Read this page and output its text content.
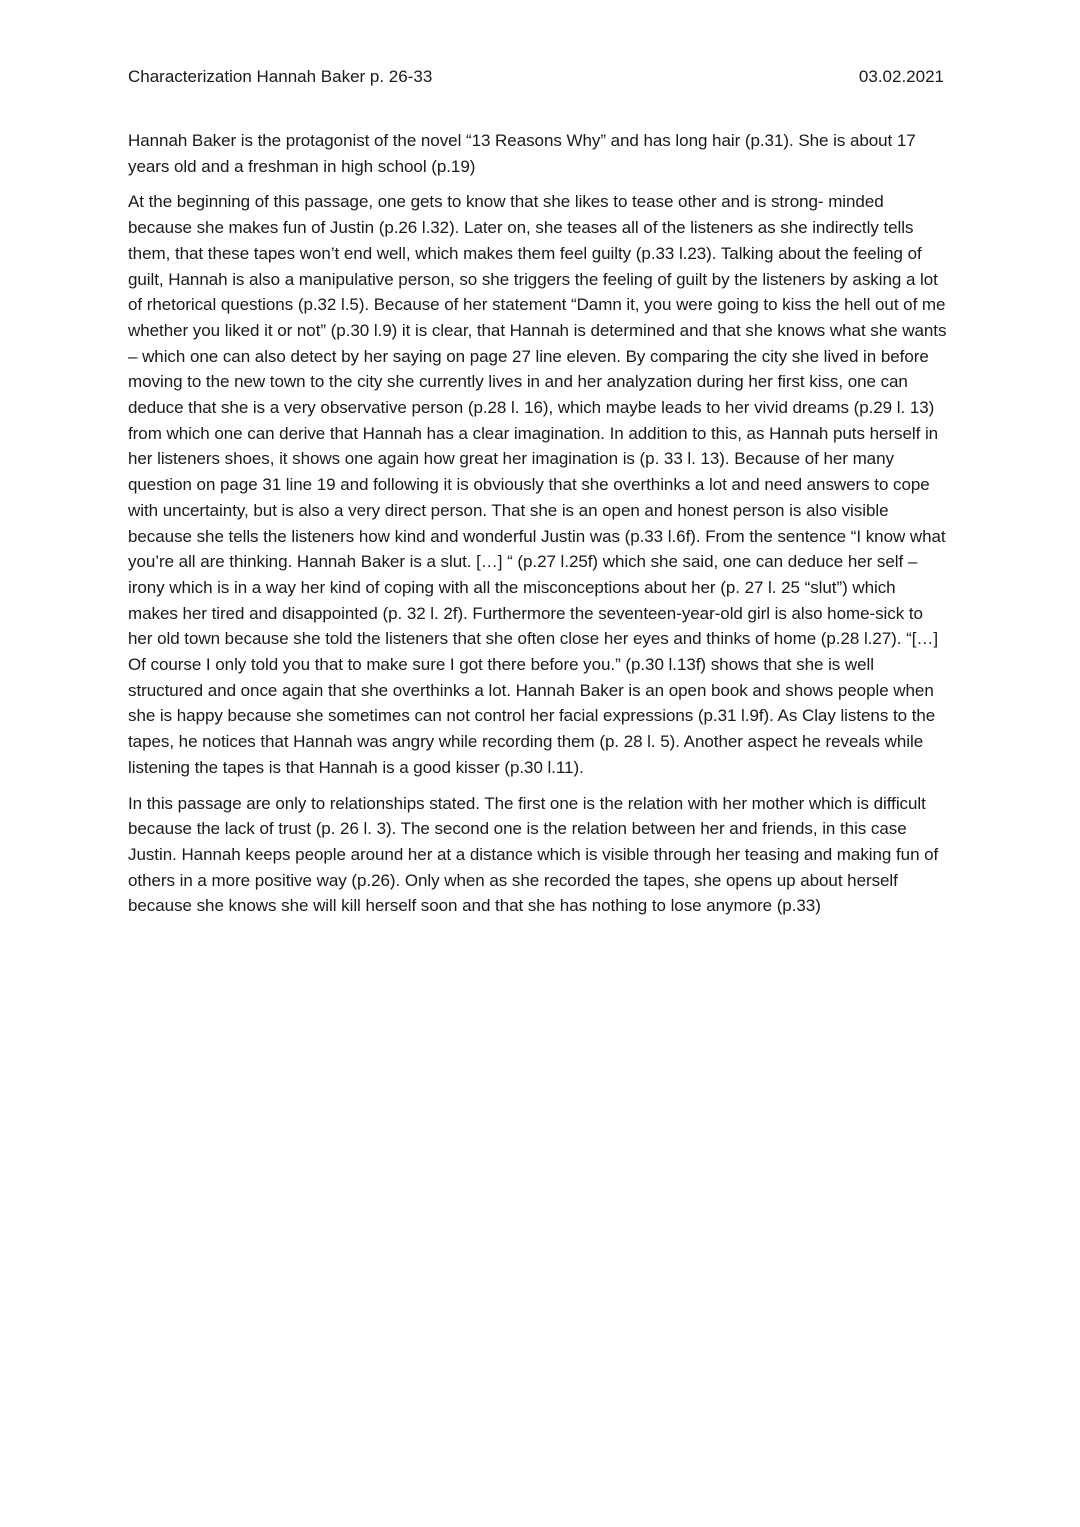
Characterization Hannah Baker p. 26-33	03.02.2021

Hannah Baker is the protagonist of the novel “13 Reasons Why” and has long hair (p.31). She is about 17 years old and a freshman in high school (p.19)

At the beginning of this passage, one gets to know that she likes to tease other and is strong- minded because she makes fun of Justin (p.26 l.32). Later on, she teases all of the listeners as she indirectly tells them, that these tapes won’t end well, which makes them feel guilty (p.33 l.23). Talking about the feeling of guilt, Hannah is also a manipulative person, so she triggers the feeling of guilt by the listeners by asking a lot of rhetorical questions (p.32 l.5). Because of her statement “Damn it, you were going to kiss the hell out of me whether you liked it or not” (p.30 l.9) it is clear, that Hannah is determined and that she knows what she wants – which one can also detect by her saying on page 27 line eleven. By comparing the city she lived in before moving to the new town to the city she currently lives in and her analyzation during her first kiss, one can deduce that she is a very observative person (p.28 l. 16), which maybe leads to her vivid dreams (p.29 l. 13) from which one can derive that Hannah has a clear imagination. In addition to this, as Hannah puts herself in her listeners shoes, it shows one again how great her imagination is (p. 33 l. 13). Because of her many question on page 31 line 19 and following it is obviously that she overthinks a lot and need answers to cope with uncertainty, but is also a very direct person. That she is an open and honest person is also visible because she tells the listeners how kind and wonderful Justin was (p.33 l.6f). From the sentence “I know what you’re all are thinking. Hannah Baker is a slut. […] “ (p.27 l.25f) which she said, one can deduce her self – irony which is in a way her kind of coping with all the misconceptions about her (p. 27 l. 25 “slut”) which makes her tired and disappointed (p. 32 l. 2f). Furthermore the seventeen-year-old girl is also home-sick to her old town because she told the listeners that she often close her eyes and thinks of home (p.28 l.27). “[…] Of course I only told you that to make sure I got there before you.” (p.30 l.13f) shows that she is well structured and once again that she overthinks a lot. Hannah Baker is an open book and shows people when she is happy because she sometimes can not control her facial expressions (p.31 l.9f). As Clay listens to the tapes, he notices that Hannah was angry while recording them (p. 28 l. 5). Another aspect he reveals while listening the tapes is that Hannah is a good kisser (p.30 l.11).

In this passage are only to relationships stated. The first one is the relation with her mother which is difficult because the lack of trust (p. 26 l. 3). The second one is the relation between her and friends, in this case Justin. Hannah keeps people around her at a distance which is visible through her teasing and making fun of others in a more positive way (p.26). Only when as she recorded the tapes, she opens up about herself because she knows she will kill herself soon and that she has nothing to lose anymore (p.33)
